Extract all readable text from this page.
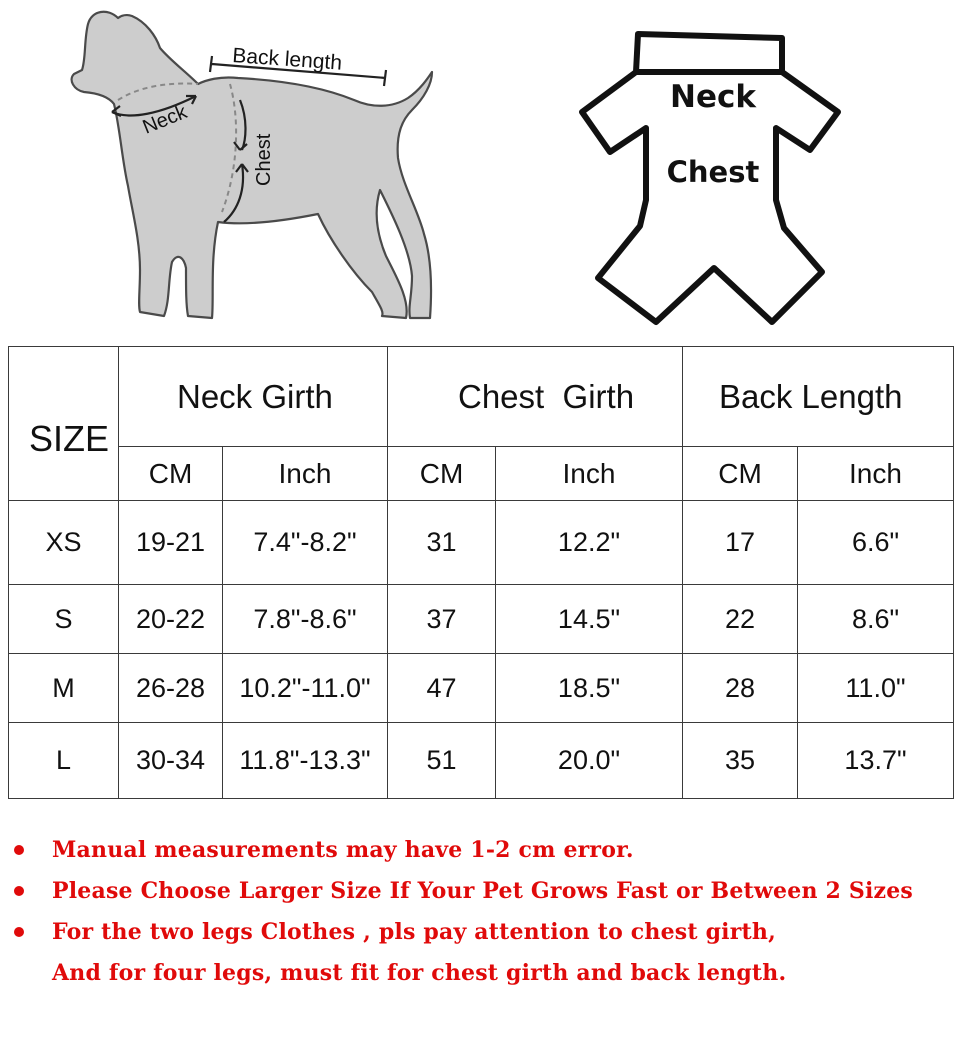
Neck
Chest
Back length
Neck
Chest
SIZE	Neck Girth		Chest  Girth		Back Length	
	CM	Inch	CM	Inch	CM	Inch
XS	19-21	7.4"-8.2"	31	12.2"	17	6.6"
S	20-22	7.8"-8.6"	37	14.5"	22	8.6"
M	26-28	10.2"-11.0"	47	18.5"	28	11.0"
L	30-34	11.8"-13.3"	51	20.0"	35	13.7"
Manual measurements may have 1-2 cm error.
Please Choose Larger Size If Your Pet Grows Fast or Between 2 Sizes
For the two legs Clothes , pls pay attention to chest girth,
And for four legs, must fit for chest girth and back length.
